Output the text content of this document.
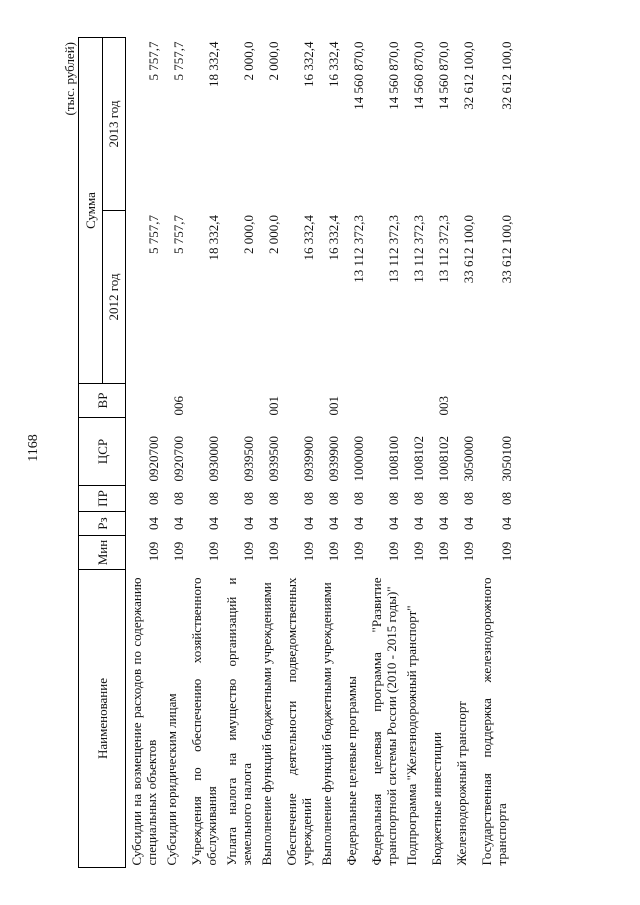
1168
(тыс. рублей)
Наименование	Мин	Рз	ПР	ЦСР	ВР	Сумма	
						2012 год	2013 год
Субсидии на возмещение расходов по содержанию специальных объектов	109	04	08	0920700		5 757,7	5 757,7
Субсидии юридическим лицам	109	04	08	0920700	006	5 757,7	5 757,7
Учреждения по обеспечению хозяйственного обслуживания	109	04	08	0930000		18 332,4	18 332,4
Уплата налога на имущество организаций и земельного налога	109	04	08	0939500		2 000,0	2 000,0
Выполнение функций бюджетными учреждениями	109	04	08	0939500	001	2 000,0	2 000,0
Обеспечение деятельности подведомственных учреждений	109	04	08	0939900		16 332,4	16 332,4
Выполнение функций бюджетными учреждениями	109	04	08	0939900	001	16 332,4	16 332,4
Федеральные целевые программы	109	04	08	1000000		13 112 372,3	14 560 870,0
Федеральная целевая программа "Развитие транспортной системы России (2010 - 2015 годы)"	109	04	08	1008100		13 112 372,3	14 560 870,0
Подпрограмма "Железнодорожный транспорт"	109	04	08	1008102		13 112 372,3	14 560 870,0
Бюджетные инвестиции	109	04	08	1008102	003	13 112 372,3	14 560 870,0
Железнодорожный транспорт	109	04	08	3050000		33 612 100,0	32 612 100,0
Государственная поддержка железнодорожного транспорта	109	04	08	3050100		33 612 100,0	32 612 100,0
